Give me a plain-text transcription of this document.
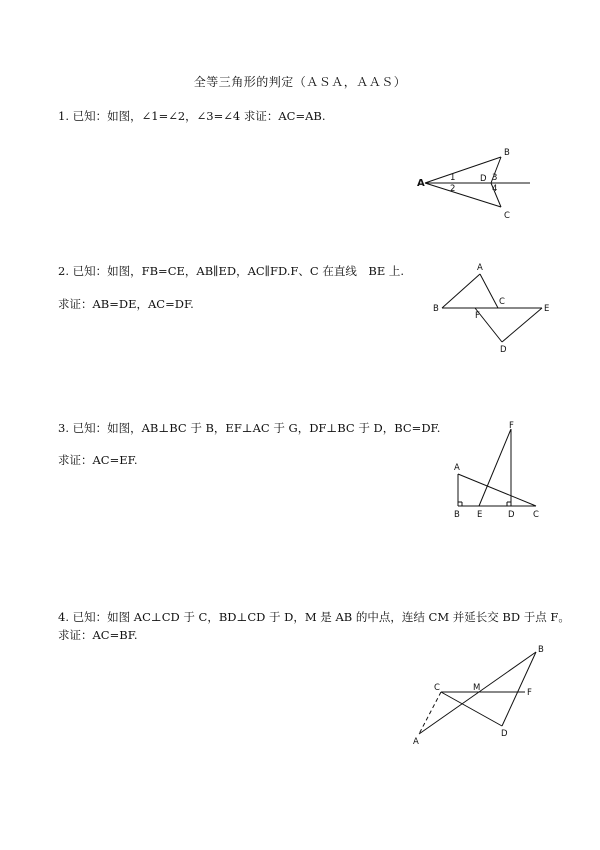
全等三角形的判定（ＡＳＡ，ＡＡＳ）
1. 已知：如图，∠1=∠2，∠3=∠4 求证：AC=AB.
A
B
C
D
1
2
3
4
2. 已知：如图，FB=CE，AB∥ED，AC∥FD.F、C 在直线　BE 上.
求证：AB=DE，AC=DF.
A
B
C
D
E
F
3. 已知：如图，AB⊥BC 于 B，EF⊥AC 于 G，DF⊥BC 于 D，BC=DF.
求证：AC=EF.
A
B	C
D
E
F
4. 已知：如图 AC⊥CD 于 C，BD⊥CD 于 D，M 是 AB 的中点，连结 CM 并延长交 BD 于点 F。
求证：AC=BF.
C	M	F
B
A
D
